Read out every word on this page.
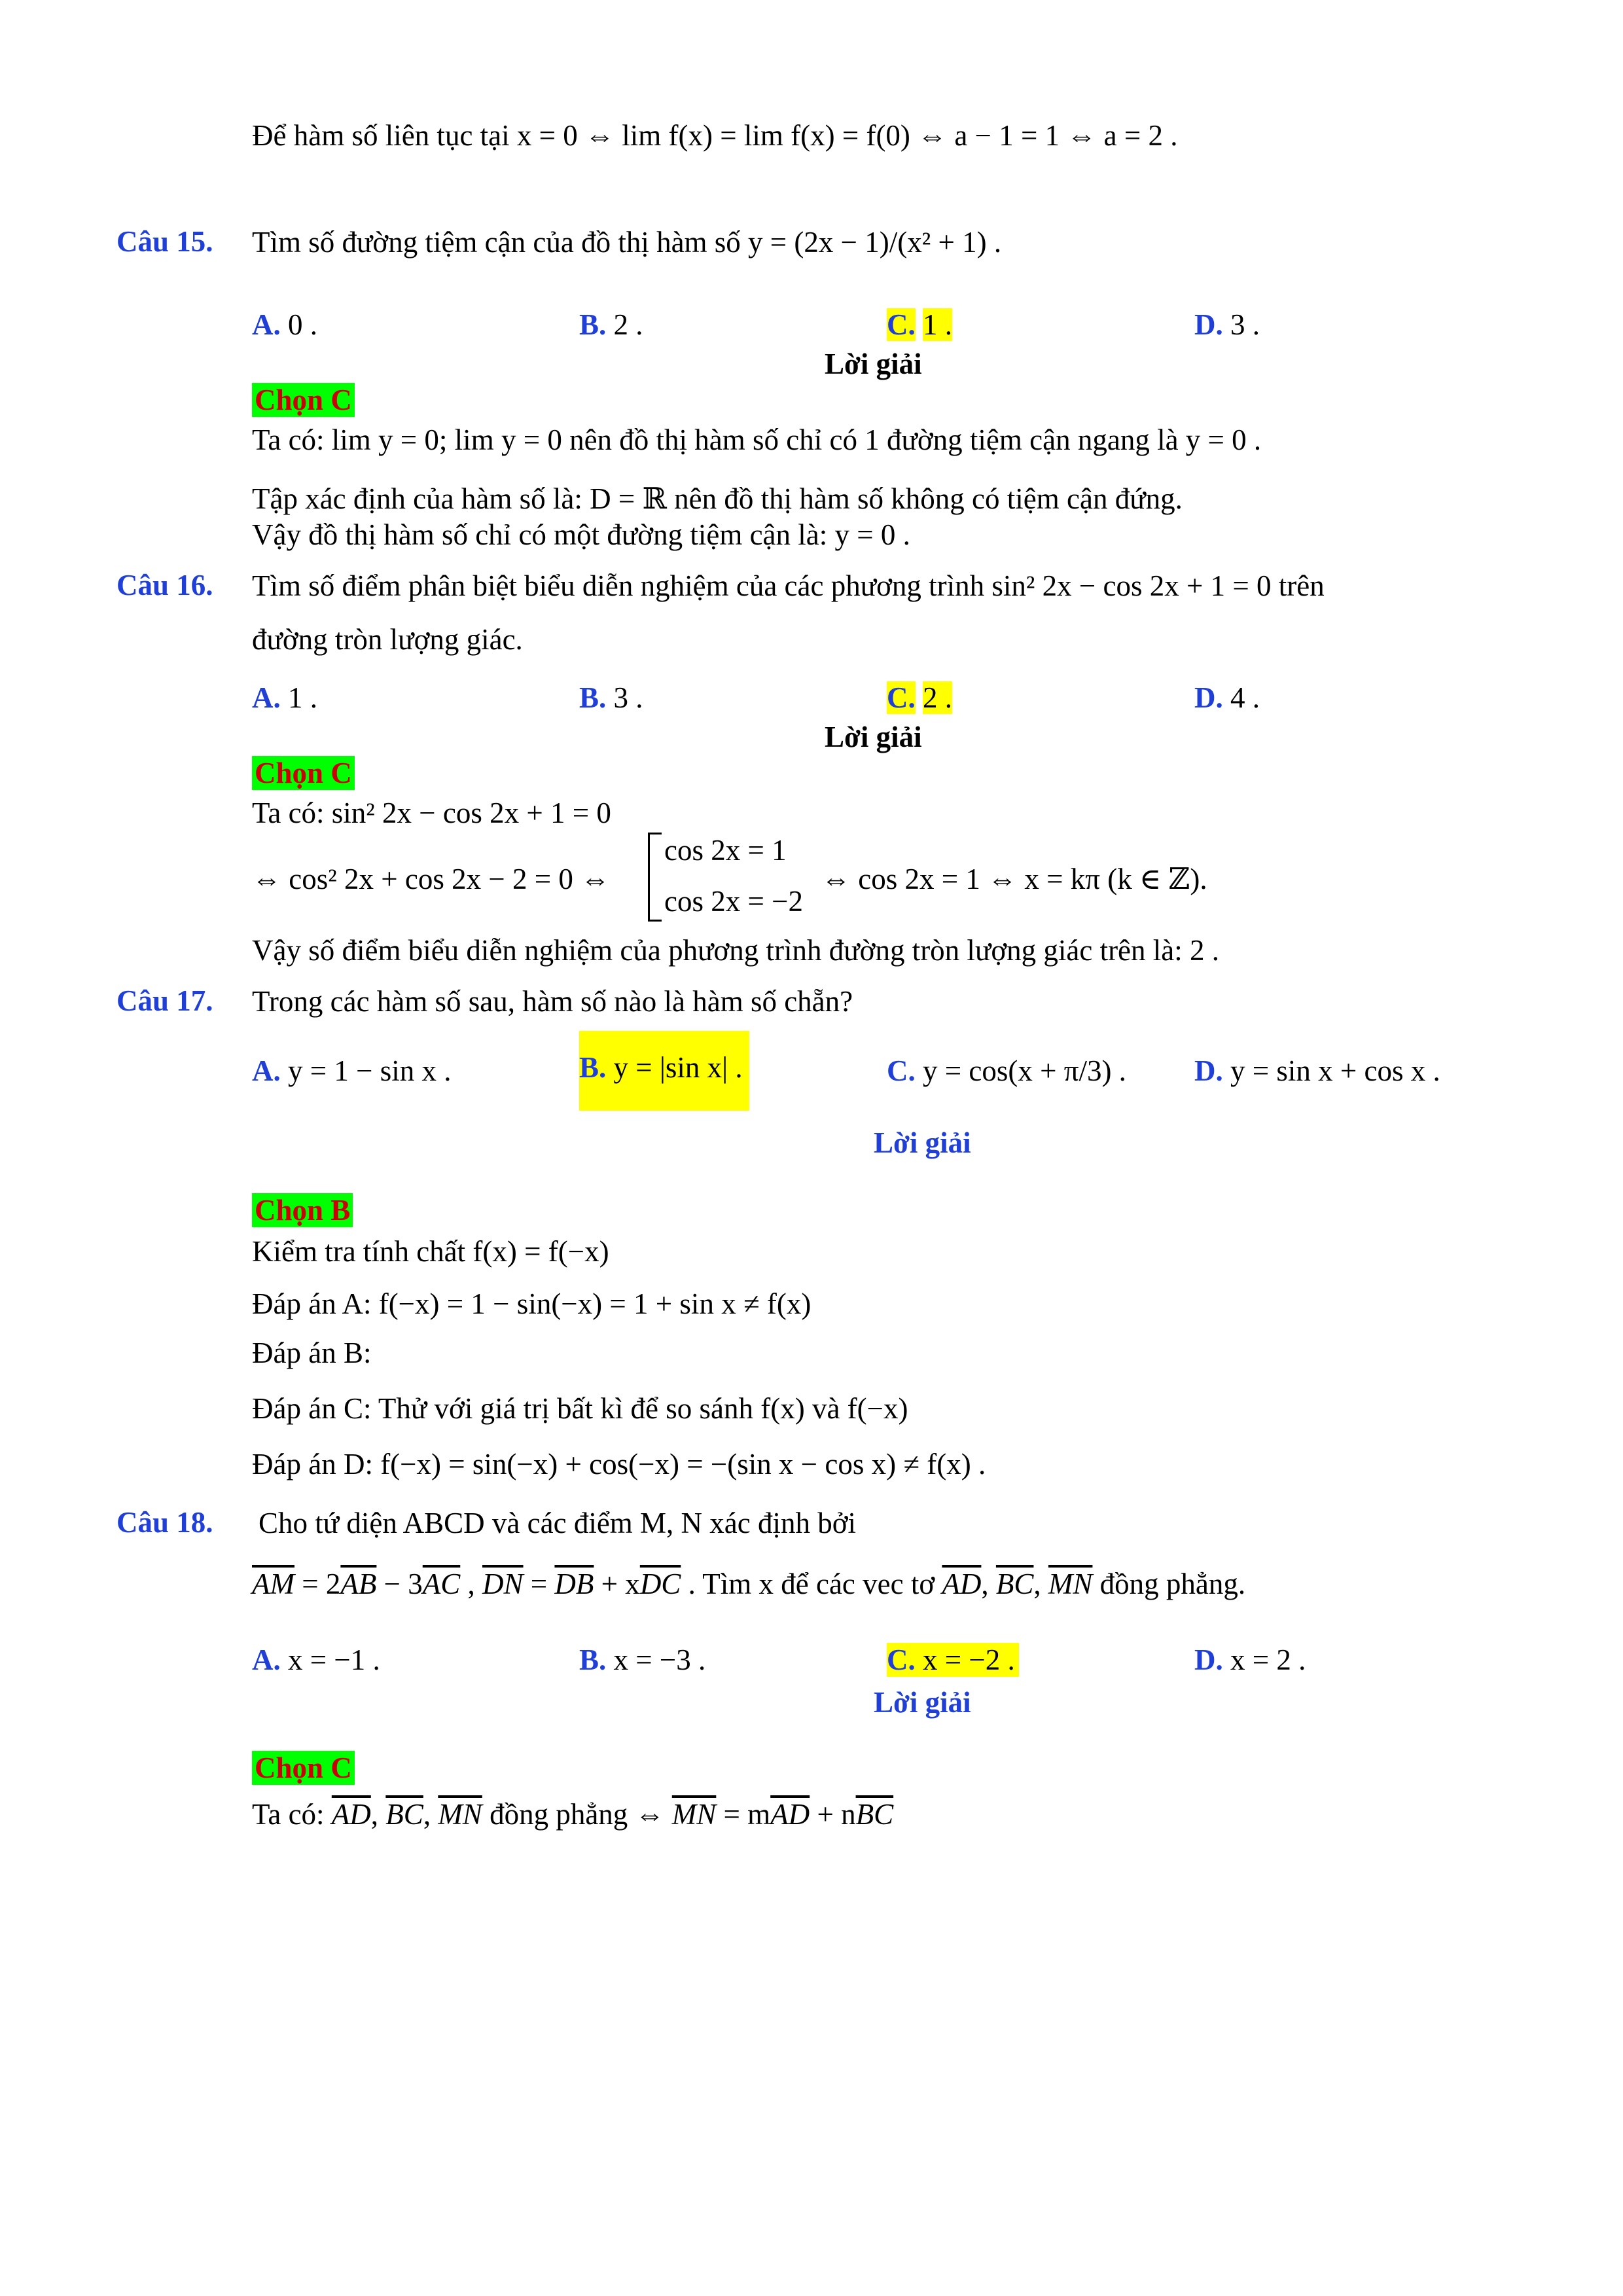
Để hàm số liên tục tại x = 0 ⇔ lim f(x) = lim f(x) = f(0) ⇔ a − 1 = 1 ⇔ a = 2 .
Câu 15. Tìm số đường tiệm cận của đồ thị hàm số y = (2x − 1)/(x² + 1) .
A. 0 .	B. 2 .	C. 1 .	D. 3 .
Lời giải
Chọn C
Ta có: lim y = 0; lim y = 0 nên đồ thị hàm số chỉ có 1 đường tiệm cận ngang là y = 0 .
Tập xác định của hàm số là: D = ℝ nên đồ thị hàm số không có tiệm cận đứng.
Vậy đồ thị hàm số chỉ có một đường tiệm cận là: y = 0 .
Câu 16. Tìm số điểm phân biệt biểu diễn nghiệm của các phương trình sin² 2x − cos 2x + 1 = 0 trên
đường tròn lượng giác.
A. 1 .	B. 3 .	C. 2 .	D. 4 .
Lời giải
Chọn C
Ta có: sin² 2x − cos 2x + 1 = 0
⇔ cos² 2x + cos 2x − 2 = 0 ⇔
cos 2x = 1
cos 2x = −2
⇔ cos 2x = 1 ⇔ x = kπ (k ∈ ℤ).
Vậy số điểm biểu diễn nghiệm của phương trình đường tròn lượng giác trên là: 2 .
Câu 17. Trong các hàm số sau, hàm số nào là hàm số chẵn?
A. y = 1 − sin x .	B. y = |sin x| .	C. y = cos(x + π/3) . D. y = sin x + cos x .
Lời giải
Chọn B
Kiểm tra tính chất f(x) = f(−x)
Đáp án A: f(−x) = 1 − sin(−x) = 1 + sin x ≠ f(x)
Đáp án B:
Đáp án C: Thử với giá trị bất kì để so sánh f(x) và f(−x)
Đáp án D: f(−x) = sin(−x) + cos(−x) = −(sin x − cos x) ≠ f(x) .
Câu 18. Cho tứ diện ABCD và các điểm M, N xác định bởi
$\overline{AM} = 2\overline{AB} - 3\overline{AC}$ , $\overline{DN} = \overline{DB} + x\overline{DC}$ . Tìm x để các vec tơ $\overline{AD}$, $\overline{BC}$, $\overline{MN}$ đồng phẳng.
A. x = −1 .	B. x = −3 .	C. x = −2 .	D. x = 2 .
Lời giải
Chọn C
Ta có: $\overline{AD}$, $\overline{BC}$, $\overline{MN}$ đồng phẳng ⇔ $\overline{MN} = m\overline{AD} + n\overline{BC}$
